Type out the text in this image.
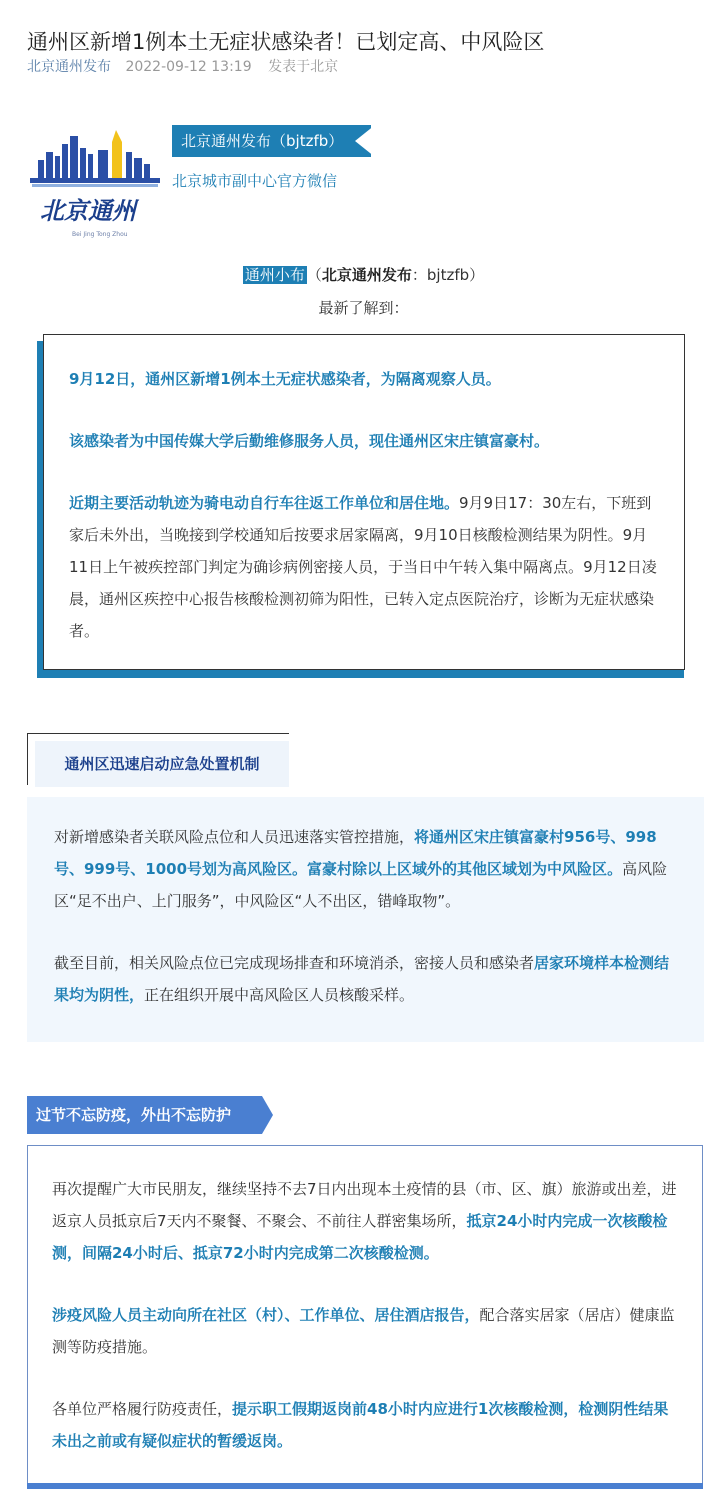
通州区新增1例本土无症状感染者！已划定高、中风险区
北京通州发布 2022-09-12 13:19 发表于北京
北京通州
Bei Jing Tong Zhou
北京通州发布（bjtzfb）
北京城市副中心官方微信
通州小布 （北京通州发布：bjtzfb）
最新了解到：

9月12日，通州区新增1例本土无症状感染者，为隔离观察人员。

该感染者为中国传媒大学后勤维修服务人员，现住通州区宋庄镇富豪村。

近期主要活动轨迹为骑电动自行车往返工作单位和居住地。9月9日17：30左右，下班到家后未外出，当晚接到学校通知后按要求居家隔离，9月10日核酸检测结果为阴性。9月11日上午被疾控部门判定为确诊病例密接人员，于当日中午转入集中隔离点。9月12日凌晨，通州区疾控中心报告核酸检测初筛为阳性，已转入定点医院治疗，诊断为无症状感染者。

通州区迅速启动应急处置机制

对新增感染者关联风险点位和人员迅速落实管控措施，将通州区宋庄镇富豪村956号、998号、999号、1000号划为高风险区。富豪村除以上区域外的其他区域划为中风险区。高风险区“足不出户、上门服务”，中风险区“人不出区，错峰取物”。

截至目前，相关风险点位已完成现场排查和环境消杀，密接人员和感染者居家环境样本检测结果均为阴性，正在组织开展中高风险区人员核酸采样。

过节不忘防疫，外出不忘防护

再次提醒广大市民朋友，继续坚持不去7日内出现本土疫情的县（市、区、旗）旅游或出差，进返京人员抵京后7天内不聚餐、不聚会、不前往人群密集场所，抵京24小时内完成一次核酸检测，间隔24小时后、抵京72小时内完成第二次核酸检测。

涉疫风险人员主动向所在社区（村）、工作单位、居住酒店报告，配合落实居家（居店）健康监测等防疫措施。

各单位严格履行防疫责任，提示职工假期返岗前48小时内应进行1次核酸检测，检测阴性结果未出之前或有疑似症状的暂缓返岗。
